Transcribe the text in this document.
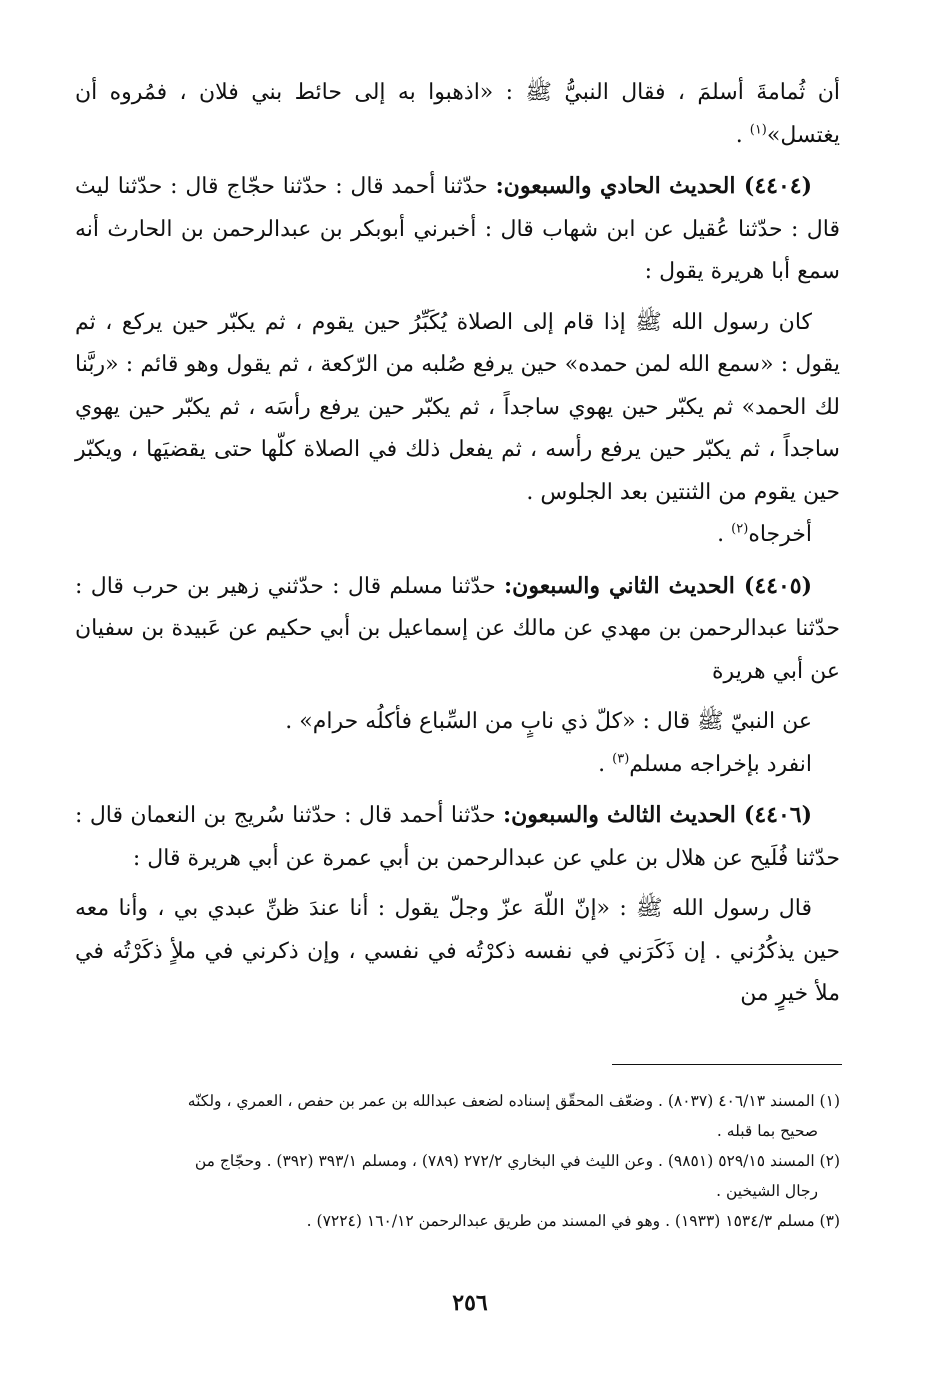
أن ثُمامةَ أسلمَ ، فقال النبيُّ ﷺ : «اذهبوا به إلى حائط بني فلان ، فمُروه أن يغتسل»$^{(١)}$ .

(٤٤٠٤) الحديث الحادي والسبعون: حدّثنا أحمد قال : حدّثنا حجّاج قال : حدّثنا ليث قال : حدّثنا عُقيل عن ابن شهاب قال : أخبرني أبوبكر بن عبدالرحمن بن الحارث أنه سمع أبا هريرة يقول :

كان رسول الله ﷺ إذا قام إلى الصلاة يُكَبِّرُ حين يقوم ، ثم يكبّر حين يركع ، ثم يقول : «سمع الله لمن حمده» حين يرفع صُلبه من الرّكعة ، ثم يقول وهو قائم : «ربَّنا لك الحمد» ثم يكبّر حين يهوي ساجداً ، ثم يكبّر حين يرفع رأسَه ، ثم يكبّر حين يهوي ساجداً ، ثم يكبّر حين يرفع رأسه ، ثم يفعل ذلك في الصلاة كلّها حتى يقضيَها ، ويكبّر حين يقوم من الثنتين بعد الجلوس .

أخرجاه$^{(٢)}$ .

(٤٤٠٥) الحديث الثاني والسبعون: حدّثنا مسلم قال : حدّثني زهير بن حرب قال : حدّثنا عبدالرحمن بن مهدي عن مالك عن إسماعيل بن أبي حكيم عن عَبيدة بن سفيان عن أبي هريرة

عن النبيّ ﷺ قال : «كلّ ذي نابٍ من السِّباع فأكلُه حرام» .

انفرد بإخراجه مسلم$^{(٣)}$ .

(٤٤٠٦) الحديث الثالث والسبعون: حدّثنا أحمد قال : حدّثنا سُريج بن النعمان قال : حدّثنا فُلَيح عن هلال بن علي عن عبدالرحمن بن أبي عمرة عن أبي هريرة قال :

قال رسول الله ﷺ : «إنّ اللّهَ عزّ وجلّ يقول : أنا عندَ ظنِّ عبدي بي ، وأنا معه حين يذكُرُني . إن ذَكَرَني في نفسه ذكرْتُه في نفسي ، وإن ذكرني في ملأٍ ذكَرْتُه في ملأ خيرٍ من

(١) المسند ٤٠٦/١٣ (٨٠٣٧) . وضعّف المحقّق إسناده لضعف عبدالله بن عمر بن حفص ، العمري ، ولكنّه

صحيح بما قبله .

(٢) المسند ٥٢٩/١٥ (٩٨٥١) . وعن الليث في البخاري ٢٧٢/٢ (٧٨٩) ، ومسلم ٣٩٣/١ (٣٩٢) . وحجّاج من

رجال الشيخين .

(٣) مسلم ١٥٣٤/٣ (١٩٣٣) . وهو في المسند من طريق عبدالرحمن ١٦٠/١٢ (٧٢٢٤) .

٢٥٦
